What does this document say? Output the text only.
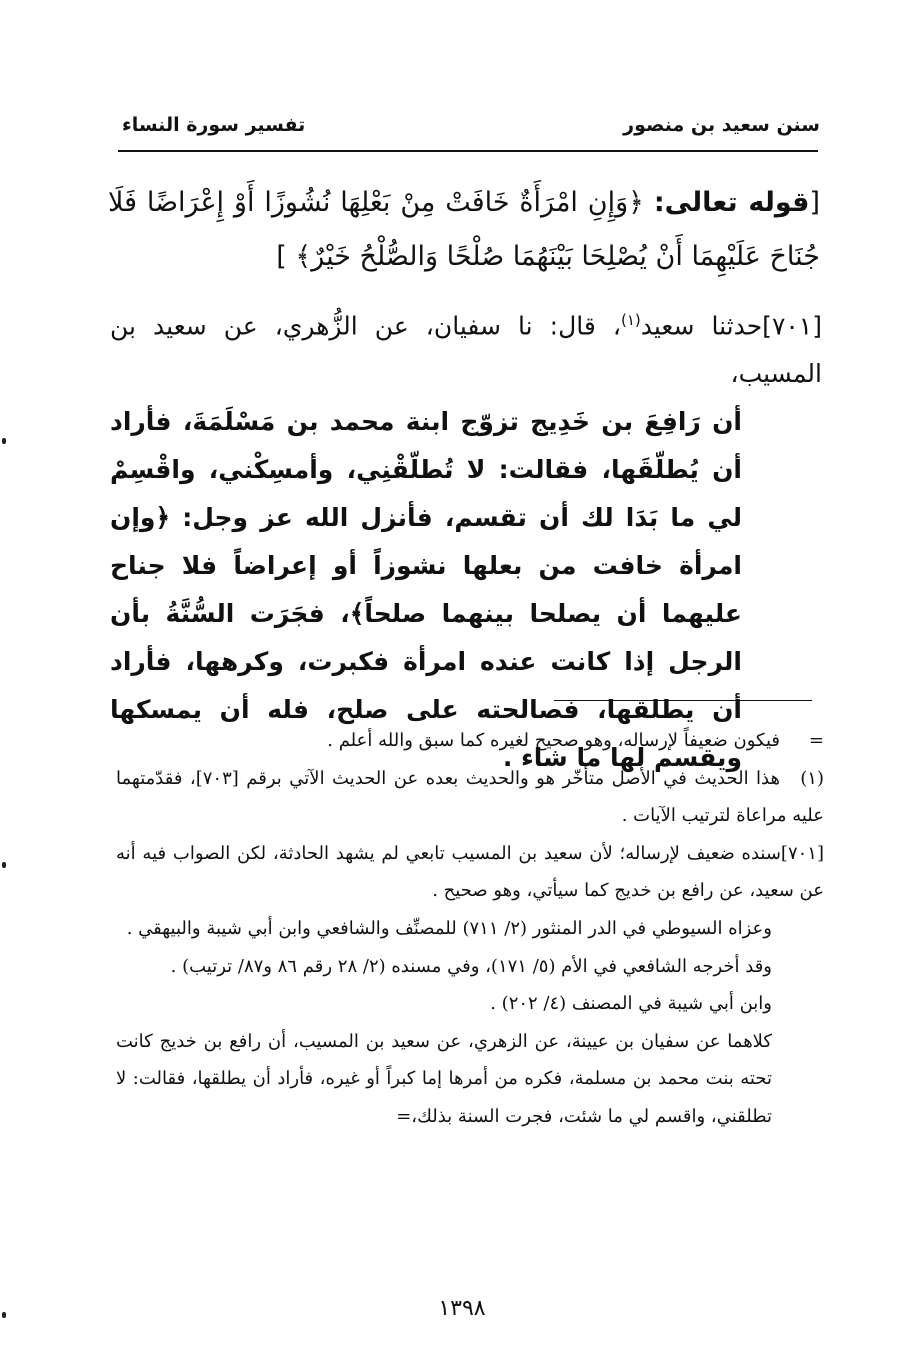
سنن سعيد بن منصور
تفسير سورة النساء
[قوله تعالى: ﴿وَإِنِ امْرَأَةٌ خَافَتْ مِنْ بَعْلِهَا نُشُوزًا أَوْ إِعْرَاضًا فَلَا جُنَاحَ عَلَيْهِمَا أَنْ يُصْلِحَا بَيْنَهُمَا صُلْحًا وَالصُّلْحُ خَيْرٌ﴾ ]
[٧٠١]حدثنا سعيد$^{(١)}$، قال: نا سفيان، عن الزُّهري، عن سعيد بن المسيب،
أن رَافِعَ بن خَدِيج تزوّج ابنة محمد بن مَسْلَمَةَ، فأراد أن يُطلّقَها، فقالت: لا تُطلّقْنِي، وأمسِكْني، واقْسِمْ لي ما بَدَا لك أن تقسم، فأنزل الله عز وجل: ﴿وإن امرأة خافت من بعلها نشوزاً أو إعراضاً فلا جناح عليهما أن يصلحا بينهما صلحاً﴾، فجَرَت السُّنَّةُ بأن الرجل إذا كانت عنده امرأة فكبرت، وكرهها، فأراد أن يطلقها، فصالحته على صلح، فله أن يمسكها ويقسم لها ما شاء .

=فيكون ضعيفاً لإرساله، وهو صحيح لغيره كما سبق والله أعلم .

(١)هذا الحديث في الأصل متأخّر هو والحديث بعده عن الحديث الآتي برقم [٧٠٣]، فقدّمتهما عليه مراعاة لترتيب الآيات .

[٧٠١]سنده ضعيف لإرساله؛ لأن سعيد بن المسيب تابعي لم يشهد الحادثة، لكن الصواب فيه أنه عن سعيد، عن رافع بن خديج كما سيأتي، وهو صحيح .

وعزاه السيوطي في الدر المنثور (٢/ ٧١١) للمصنِّف والشافعي وابن أبي شيبة والبيهقي .

وقد أخرجه الشافعي في الأم (٥/ ١٧١)، وفي مسنده (٢/ ٢٨ رقم ٨٦ و٨٧/ ترتيب) .

وابن أبي شيبة في المصنف (٤/ ٢٠٢) .

كلاهما عن سفيان بن عيينة، عن الزهري، عن سعيد بن المسيب، أن رافع بن خديج كانت تحته بنت محمد بن مسلمة، فكره من أمرها إما كبراً أو غيره، فأراد أن يطلقها، فقالت: لا تطلقني، واقسم لي ما شئت، فجرت السنة بذلك،=

١٣٩٨
